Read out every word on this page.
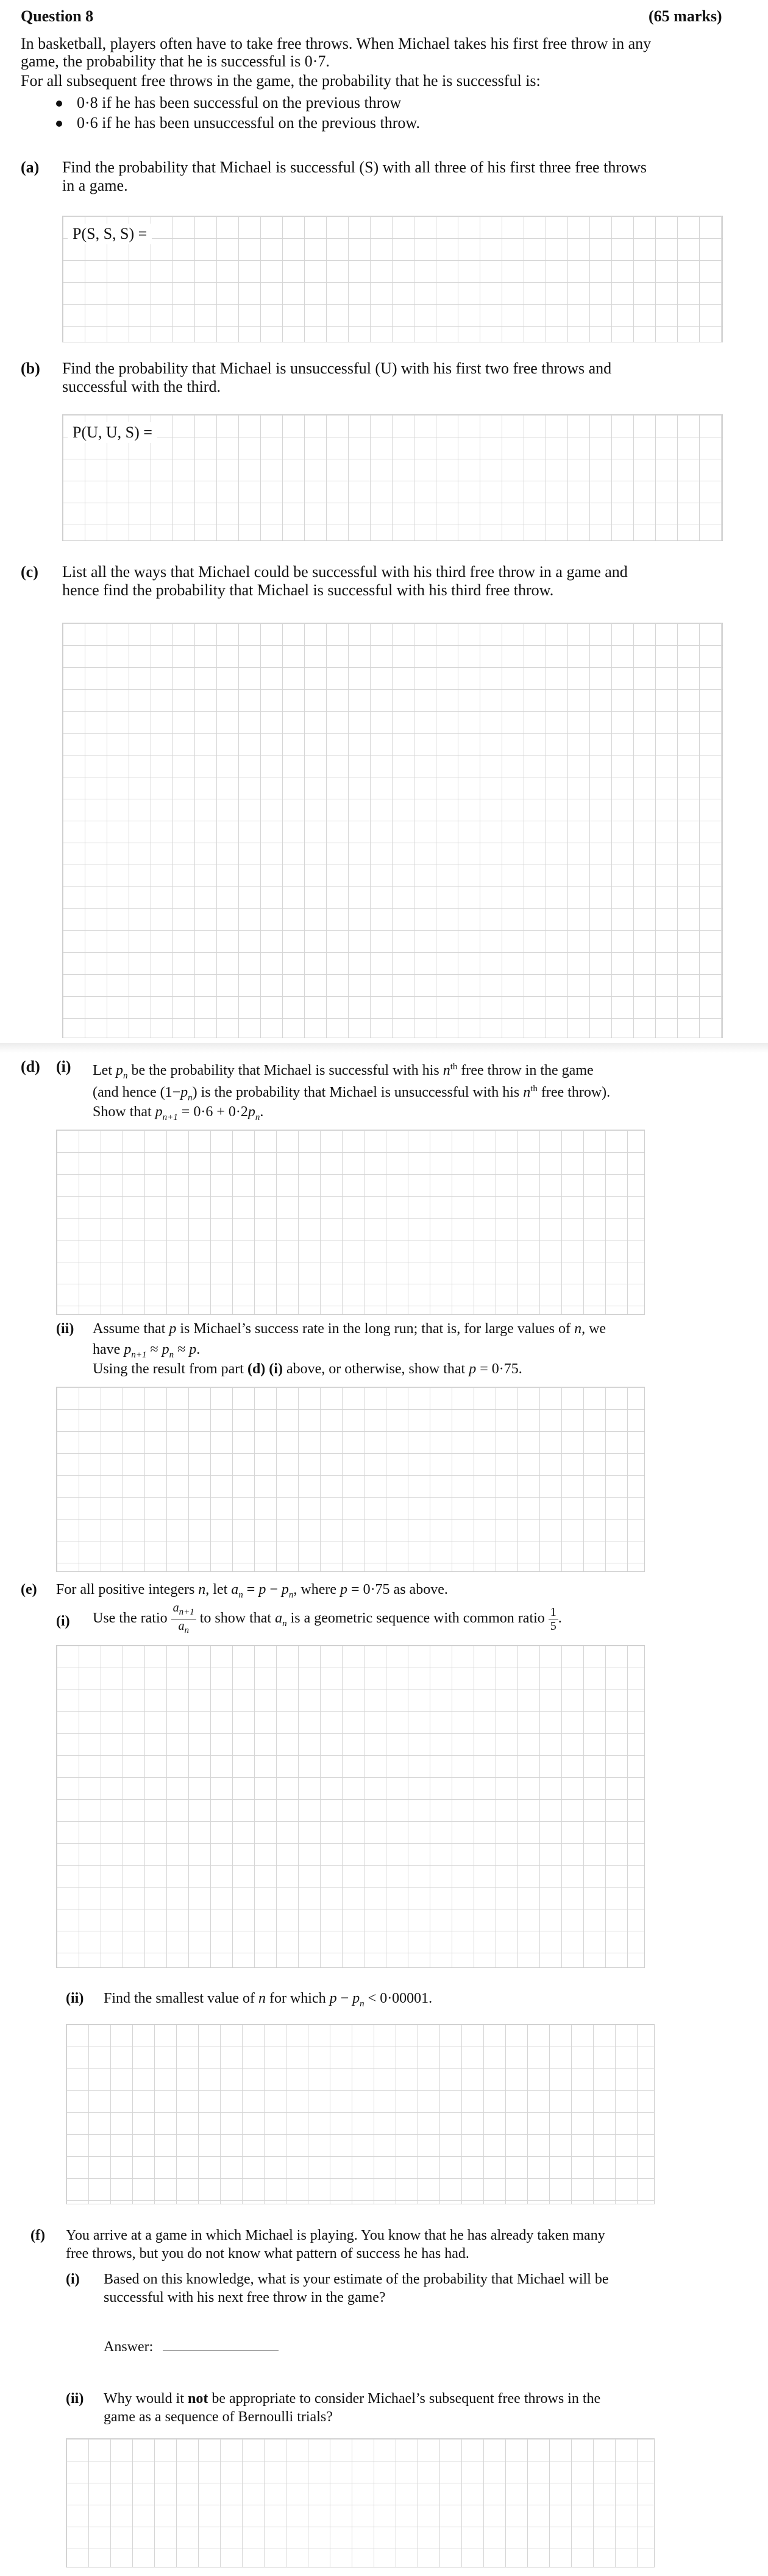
Question 8	(65 marks)
In basketball, players often have to take free throws. When Michael takes his first free throw in any
game, the probability that he is successful is 0·7.
For all subsequent free throws in the game, the probability that he is successful is:
0·8 if he has been successful on the previous throw
0·6 if he has been unsuccessful on the previous throw.
(a) Find the probability that Michael is successful (S) with all three of his first three free throws
in a game.
P(S, S, S) =
(b) Find the probability that Michael is unsuccessful (U) with his first two free throws and
successful with the third.
P(U, U, S) =
(c) List all the ways that Michael could be successful with his third free throw in a game and
hence find the probability that Michael is successful with his third free throw.
(d) (i) Let $p_n$ be the probability that Michael is successful with his $n^{th}$ free throw in the game
(and hence $(1-p_n)$ is the probability that Michael is unsuccessful with his $n^{th}$ free throw).
Show that $p_{n+1} = 0\cdot 6 + 0\cdot 2p_n$.
(ii) Assume that p is Michael’s success rate in the long run; that is, for large values of n, we
have $p_{n+1} \approx p_n \approx p$.
Using the result from part (d) (i) above, or otherwise, show that p = 0·75.
(e) For all positive integers n, let $a_n = p - p_n$, where p = 0·75 as above.
(i) Use the ratio $\frac{a_{n+1}}{a_n}$ to show that $a_n$ is a geometric sequence with common ratio $\frac{1}{5}$ .
(ii) Find the smallest value of n for which $p - p_n < 0\cdot 00001$.
(f) You arrive at a game in which Michael is playing. You know that he has already taken many
free throws, but you do not know what pattern of success he has had.
(i) Based on this knowledge, what is your estimate of the probability that Michael will be
successful with his next free throw in the game?
Answer:
(ii) Why would it not be appropriate to consider Michael’s subsequent free throws in the
game as a sequence of Bernoulli trials?
